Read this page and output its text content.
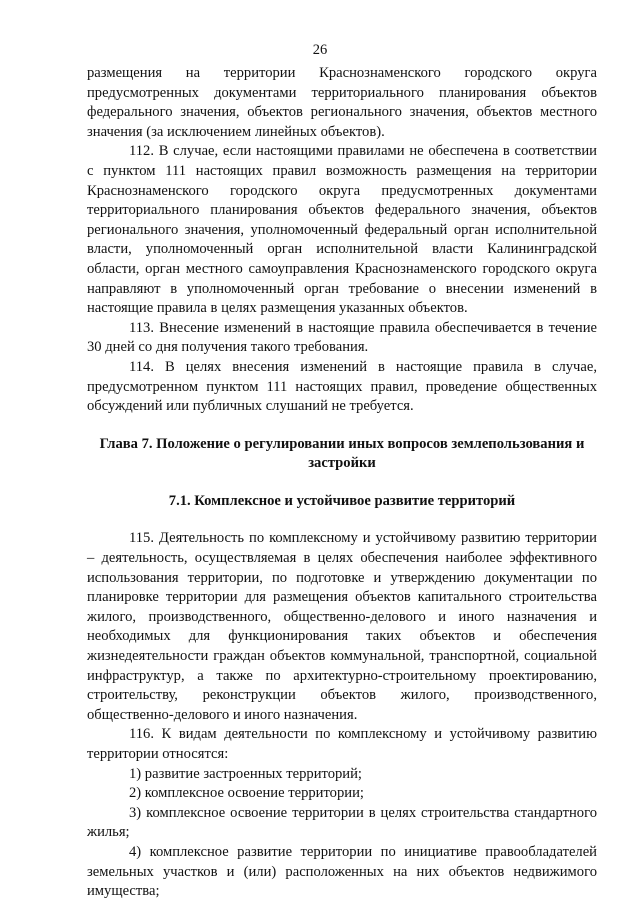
26

размещения на территории Краснознаменского городского округа предусмотренных документами территориального планирования объектов федерального значения, объектов регионального значения, объектов местного значения (за исключением линейных объектов).

112. В случае, если настоящими правилами не обеспечена в соответствии с пунктом 111 настоящих правил возможность размещения на территории Краснознаменского городского округа предусмотренных документами территориального планирования объектов федерального значения, объектов регионального значения, уполномоченный федеральный орган исполнительной власти, уполномоченный орган исполнительной власти Калининградской области, орган местного самоуправления Краснознаменского городского округа направляют в уполномоченный орган требование о внесении изменений в настоящие правила в целях размещения указанных объектов.

113. Внесение изменений в настоящие правила обеспечивается в течение 30 дней со дня получения такого требования.

114. В целях внесения изменений в настоящие правила в случае, предусмотренном пунктом 111 настоящих правил, проведение общественных обсуждений или публичных слушаний не требуется.

Глава 7. Положение о регулировании иных вопросов землепользования и застройки

7.1. Комплексное и устойчивое развитие территорий

115. Деятельность по комплексному и устойчивому развитию территории – деятельность, осуществляемая в целях обеспечения наиболее эффективного использования территории, по подготовке и утверждению документации по планировке территории для размещения объектов капитального строительства жилого, производственного, общественно-делового и иного назначения и необходимых для функционирования таких объектов и обеспечения жизнедеятельности граждан объектов коммунальной, транспортной, социальной инфраструктур, а также по архитектурно-строительному проектированию, строительству, реконструкции объектов жилого, производственного, общественно-делового и иного назначения.

116. К видам деятельности по комплексному и устойчивому развитию территории относятся:

1) развитие застроенных территорий;

2) комплексное освоение территории;

3) комплексное освоение территории в целях строительства стандартного жилья;

4) комплексное развитие территории по инициативе правообладателей земельных участков и (или) расположенных на них объектов недвижимого имущества;
